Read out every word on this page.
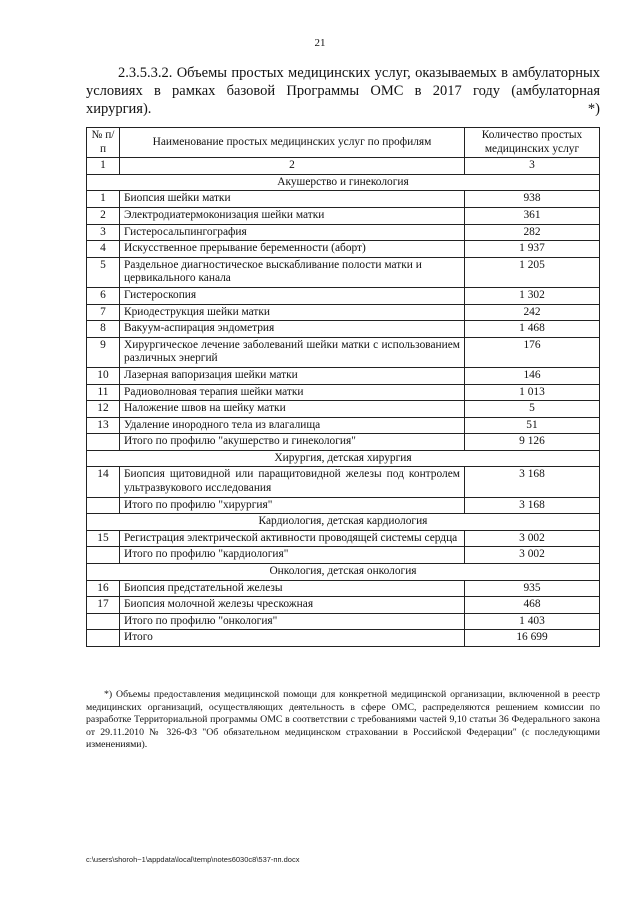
21
2.3.5.3.2. Объемы простых медицинских услуг, оказываемых в амбулаторных условиях в рамках базовой Программы ОМС в 2017 году (амбулаторная хирургия). *)
№ п/п	Наименование простых медицинских услуг по профилям	Количество простых медицинских услуг
1	2	3
Акушерство и гинекология		
1	Биопсия шейки матки	938
2	Электродиатермоконизация шейки матки	361
3	Гистеросальпингография	282
4	Искусственное прерывание беременности (аборт)	1 937
5	Раздельное диагностическое выскабливание полости матки и цервикального канала	1 205
6	Гистероскопия	1 302
7	Криодеструкция шейки матки	242
8	Вакуум-аспирация эндометрия	1 468
9	Хирургическое лечение заболеваний шейки матки с использованием различных энергий	176
10	Лазерная вапоризация шейки матки	146
11	Радиоволновая терапия шейки матки	1 013
12	Наложение швов на шейку матки	5
13	Удаление инородного тела из влагалища	51
	Итого по профилю "акушерство и гинекология"	9 126
Хирургия, детская хирургия		
14	Биопсия щитовидной или паращитовидной железы под контролем ультразвукового исследования	3 168
	Итого по профилю "хирургия"	3 168
Кардиология, детская кардиология		
15	Регистрация электрической активности проводящей системы сердца	3 002
	Итого по профилю "кардиология"	3 002
Онкология, детская онкология		
16	Биопсия предстательной железы	935
17	Биопсия молочной железы чрескожная	468
	Итого по профилю "онкология"	1 403
	Итого	16 699
*) Объемы предоставления медицинской помощи для конкретной медицинской организации, включенной в реестр медицинских организаций, осуществляющих деятельность в сфере ОМС, распределяются решением комиссии по разработке Территориальной программы ОМС в соответствии с требованиями частей 9,10 статьи 36 Федерального закона от 29.11.2010 № 326-ФЗ "Об обязательном медицинском страховании в Российской Федерации" (с последующими изменениями).
c:\users\shoroh~1\appdata\local\temp\notes6030c8\537-пп.docx
